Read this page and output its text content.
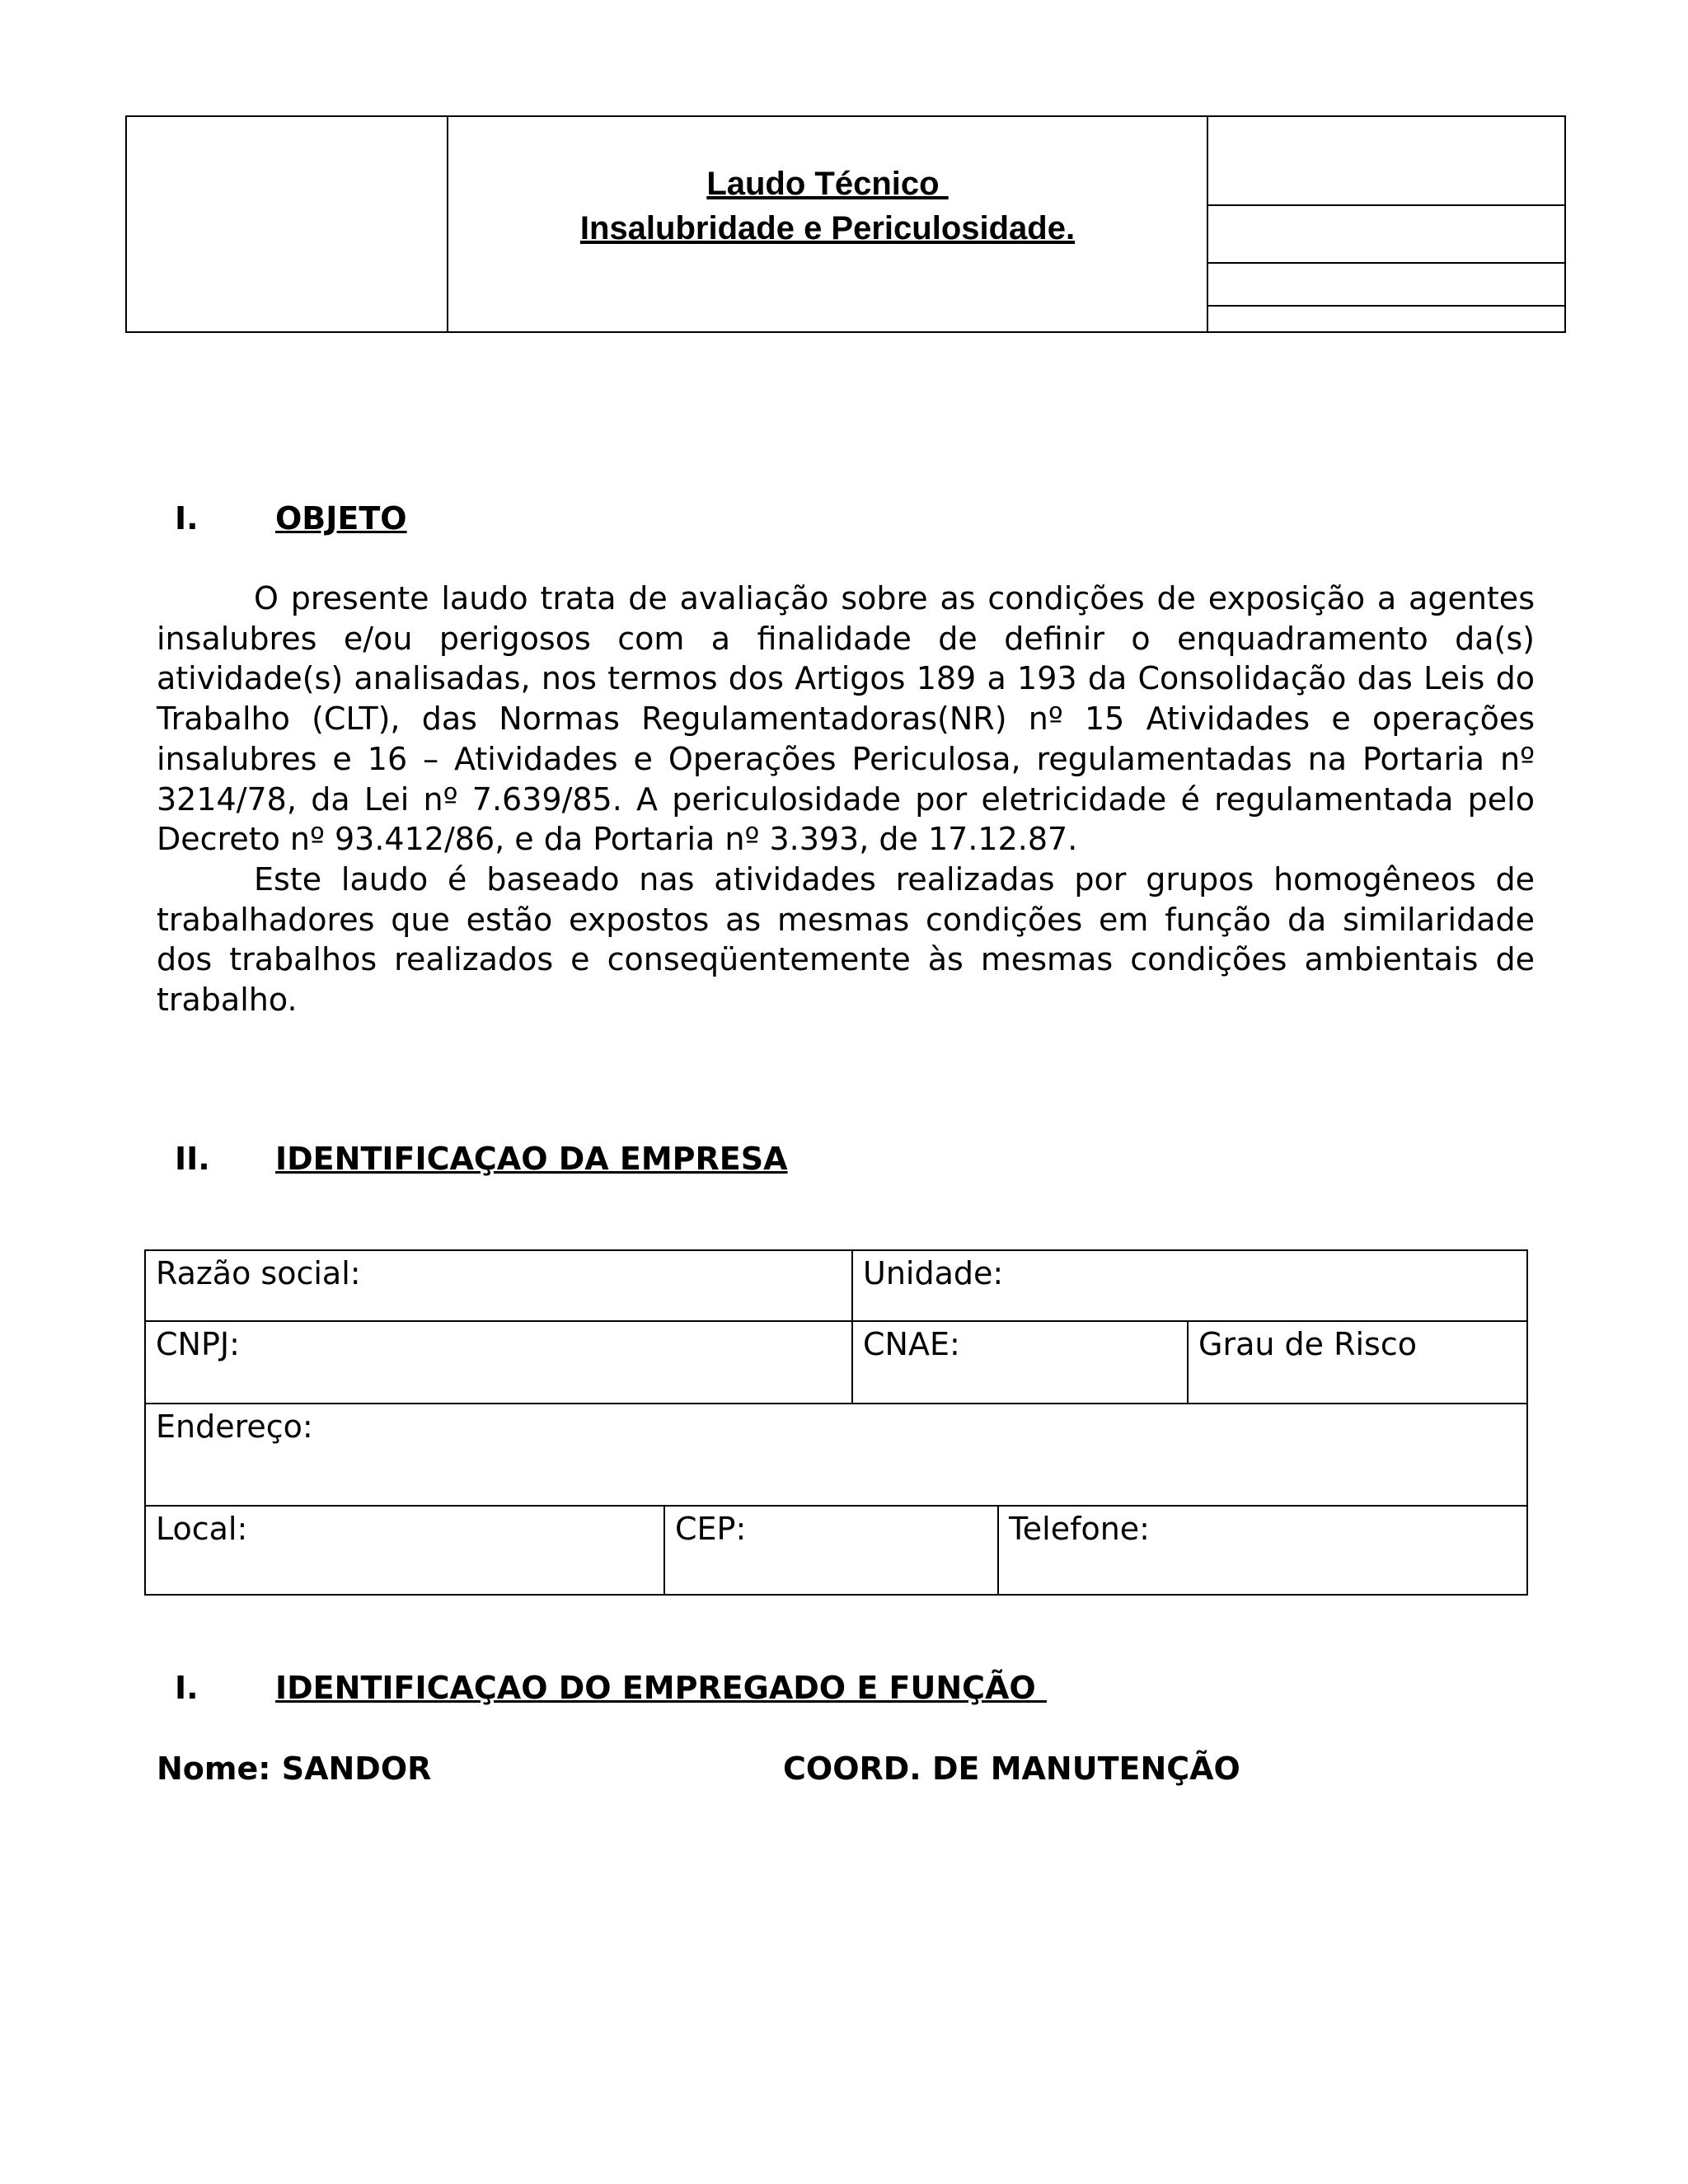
Laudo Técnico
Insalubridade e Periculosidade.
I. OBJETO

O presente laudo trata de avaliação sobre as condições de exposição a agentes insalubres e/ou perigosos com a finalidade de definir o enquadramento da(s) atividade(s) analisadas, nos termos dos Artigos 189 a 193 da Consolidação das Leis do Trabalho (CLT), das Normas Regulamentadoras(NR) nº 15 Atividades e operações insalubres e 16 – Atividades e Operações Periculosa, regulamentadas na Portaria nº 3214/78, da Lei nº 7.639/85. A periculosidade por eletricidade é regulamentada pelo Decreto nº 93.412/86, e da Portaria nº 3.393, de 17.12.87.

Este laudo é baseado nas atividades realizadas por grupos homogêneos de trabalhadores que estão expostos as mesmas condições em função da similaridade dos trabalhos realizados e conseqüentemente às mesmas condições ambientais de trabalho.

II. IDENTIFICAÇAO DA EMPRESA
Razão social:		Unidade:		
CNPJ:		CNAE:		Grau de Risco
Endereço:				
Local:	CEP:		Telefone:	
I. IDENTIFICAÇAO DO EMPREGADO E FUNÇÃO
Nome: SANDOR	COORD. DE MANUTENÇÃO
